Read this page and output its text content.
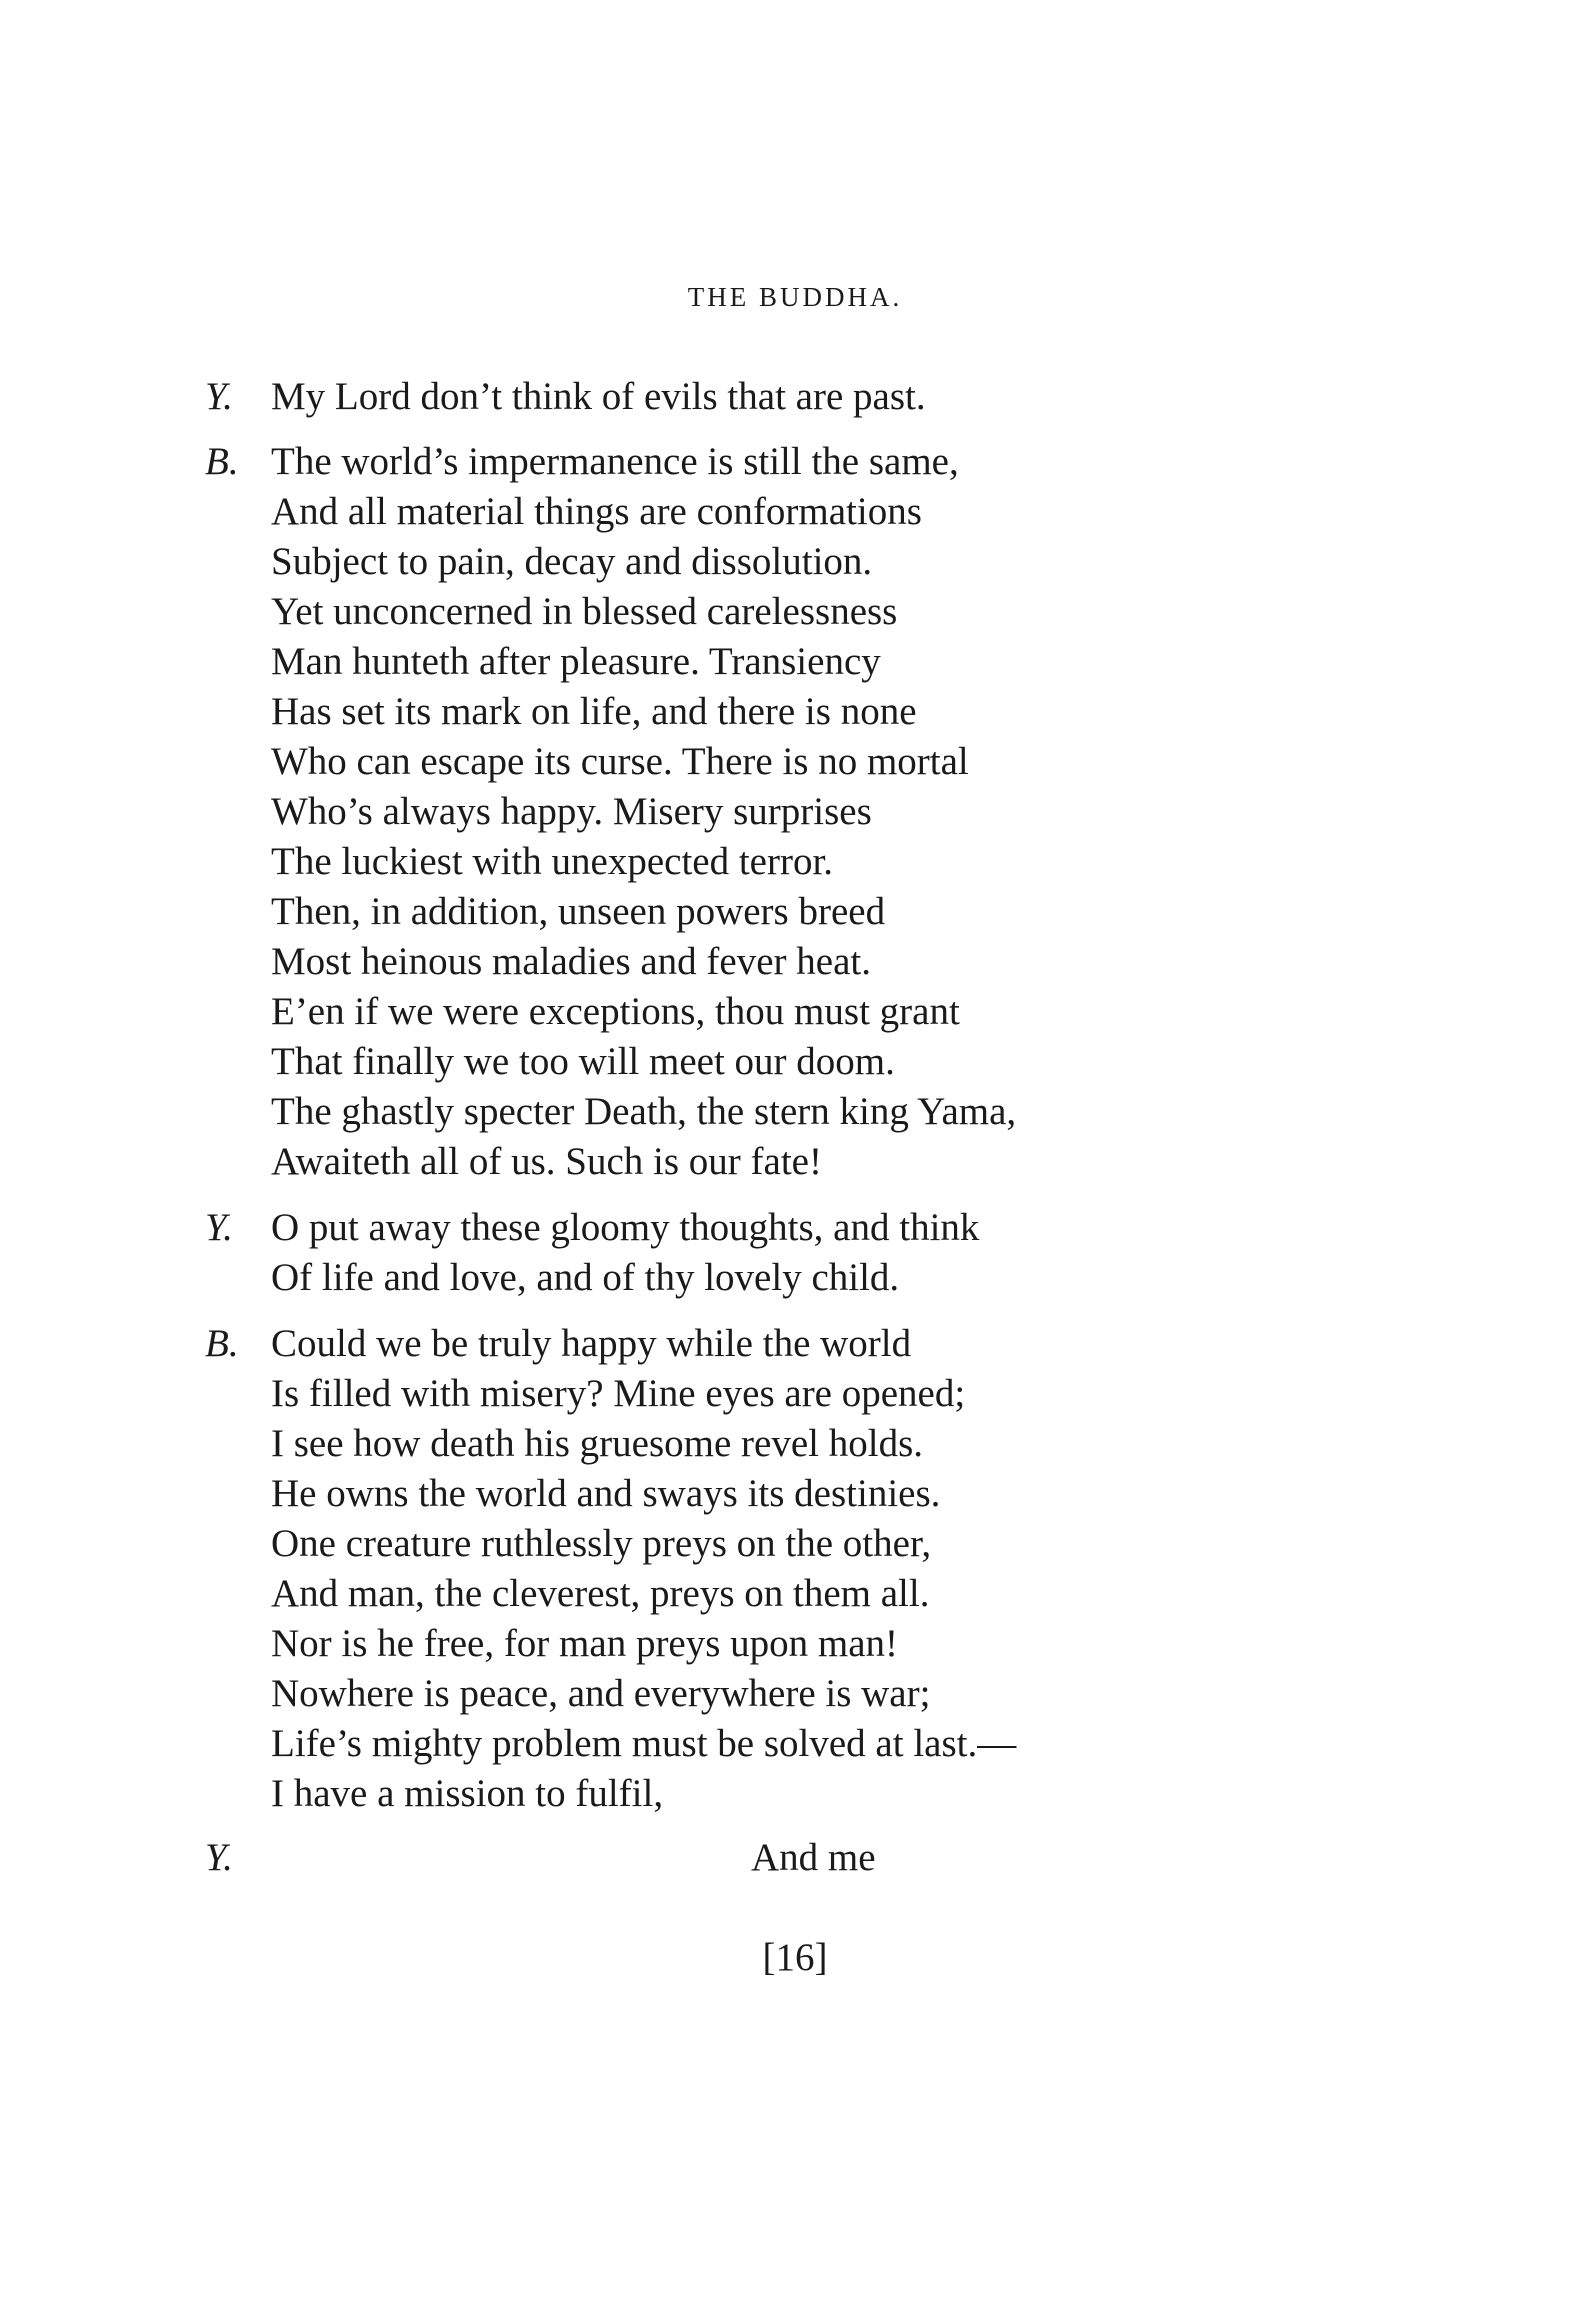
THE BUDDHA.
Y. My Lord don’t think of evils that are past.
B. The world’s impermanence is still the same,
And all material things are conformations
Subject to pain, decay and dissolution.
Yet unconcerned in blessed carelessness
Man hunteth after pleasure. Transiency
Has set its mark on life, and there is none
Who can escape its curse. There is no mortal
Who’s always happy. Misery surprises
The luckiest with unexpected terror.
Then, in addition, unseen powers breed
Most heinous maladies and fever heat.
E’en if we were exceptions, thou must grant
That finally we too will meet our doom.
The ghastly specter Death, the stern king Yama,
Awaiteth all of us. Such is our fate!
Y. O put away these gloomy thoughts, and think
Of life and love, and of thy lovely child.
B. Could we be truly happy while the world
Is filled with misery? Mine eyes are opened;
I see how death his gruesome revel holds.
He owns the world and sways its destinies.
One creature ruthlessly preys on the other,
And man, the cleverest, preys on them all.
Nor is he free, for man preys upon man!
Nowhere is peace, and everywhere is war;
Life’s mighty problem must be solved at last.—
I have a mission to fulfil,
Y.	And me
[16]
